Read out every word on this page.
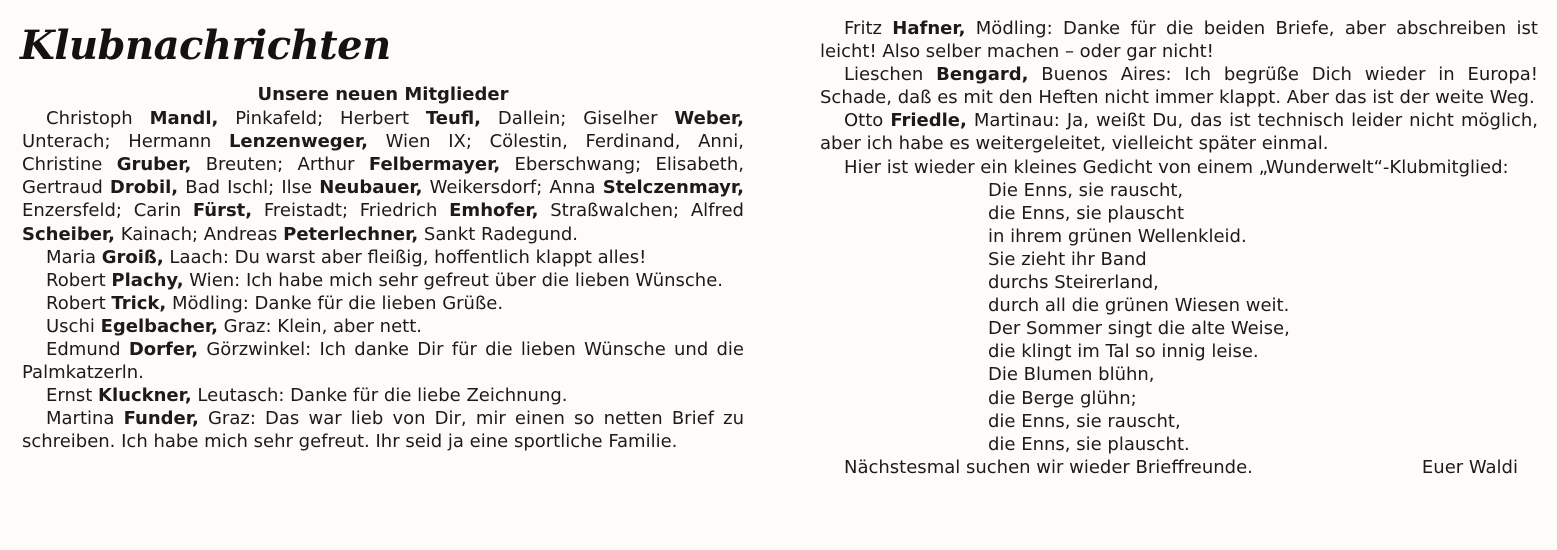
Klubnachrichten
Unsere neuen Mitglieder

Christoph Mandl, Pinkafeld; Herbert Teufl, Dallein; Giselher Weber, Unterach; Hermann Lenzenweger, Wien IX; Cölestin, Ferdinand, Anni, Christine Gruber, Breuten; Arthur Felbermayer, Eberschwang; Elisabeth, Gertraud Drobil, Bad Ischl; Ilse Neubauer, Weikersdorf; Anna Stelczenmayr, Enzersfeld; Carin Fürst, Freistadt; Friedrich Emhofer, Straßwalchen; Alfred Scheiber, Kainach; Andreas Peterlechner, Sankt Radegund.

Maria Groiß, Laach: Du warst aber fleißig, hoffentlich klappt alles!

Robert Plachy, Wien: Ich habe mich sehr gefreut über die lieben Wünsche.

Robert Trick, Mödling: Danke für die lieben Grüße.

Uschi Egelbacher, Graz: Klein, aber nett.

Edmund Dorfer, Görzwinkel: Ich danke Dir für die lieben Wünsche und die Palmkatzerln.

Ernst Kluckner, Leutasch: Danke für die liebe Zeichnung.

Martina Funder, Graz: Das war lieb von Dir, mir einen so netten Brief zu schreiben. Ich habe mich sehr gefreut. Ihr seid ja eine sportliche Familie.

Fritz Hafner, Mödling: Danke für die beiden Briefe, aber abschreiben ist leicht! Also selber machen – oder gar nicht!

Lieschen Bengard, Buenos Aires: Ich begrüße Dich wieder in Europa! Schade, daß es mit den Heften nicht immer klappt. Aber das ist der weite Weg.

Otto Friedle, Martinau: Ja, weißt Du, das ist technisch leider nicht möglich, aber ich habe es weitergeleitet, vielleicht später einmal.

Hier ist wieder ein kleines Gedicht von einem „Wunderwelt“-Klubmitglied:

Die Enns, sie rauscht,
die Enns, sie plauscht
in ihrem grünen Wellenkleid.
Sie zieht ihr Band
durchs Steirerland,
durch all die grünen Wiesen weit.
Der Sommer singt die alte Weise,
die klingt im Tal so innig leise.
Die Blumen blühn,
die Berge glühn;
die Enns, sie rauscht,
die Enns, sie plauscht.
Nächstesmal suchen wir wieder Brieffreunde.	Euer Waldi
